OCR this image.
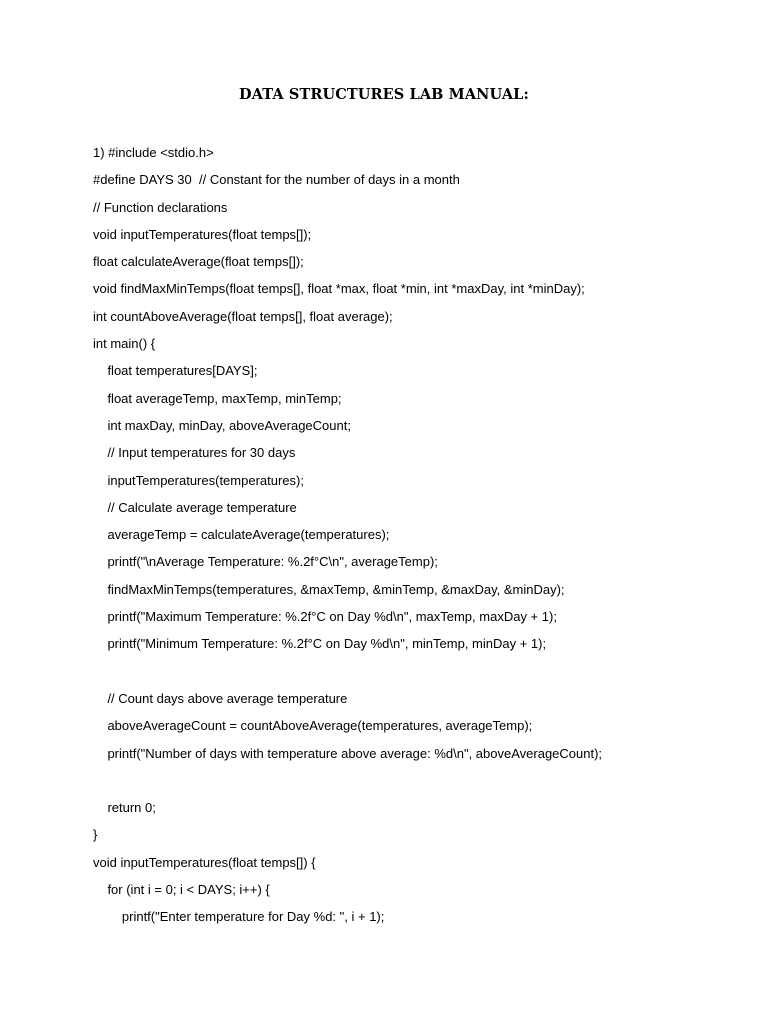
DATA STRUCTURES LAB MANUAL:
1) #include <stdio.h>
#define DAYS 30  // Constant for the number of days in a month
// Function declarations
void inputTemperatures(float temps[]);
float calculateAverage(float temps[]);
void findMaxMinTemps(float temps[], float *max, float *min, int *maxDay, int *minDay);
int countAboveAverage(float temps[], float average);
int main() {
float temperatures[DAYS];
float averageTemp, maxTemp, minTemp;
int maxDay, minDay, aboveAverageCount;
// Input temperatures for 30 days
inputTemperatures(temperatures);
// Calculate average temperature
averageTemp = calculateAverage(temperatures);
printf("\nAverage Temperature: %.2f°C\n", averageTemp);
findMaxMinTemps(temperatures, &maxTemp, &minTemp, &maxDay, &minDay);
printf("Maximum Temperature: %.2f°C on Day %d\n", maxTemp, maxDay + 1);
printf("Minimum Temperature: %.2f°C on Day %d\n", minTemp, minDay + 1);
// Count days above average temperature
aboveAverageCount = countAboveAverage(temperatures, averageTemp);
printf("Number of days with temperature above average: %d\n", aboveAverageCount);
return 0;
}
void inputTemperatures(float temps[]) {
for (int i = 0; i < DAYS; i++) {
printf("Enter temperature for Day %d: ", i + 1);
